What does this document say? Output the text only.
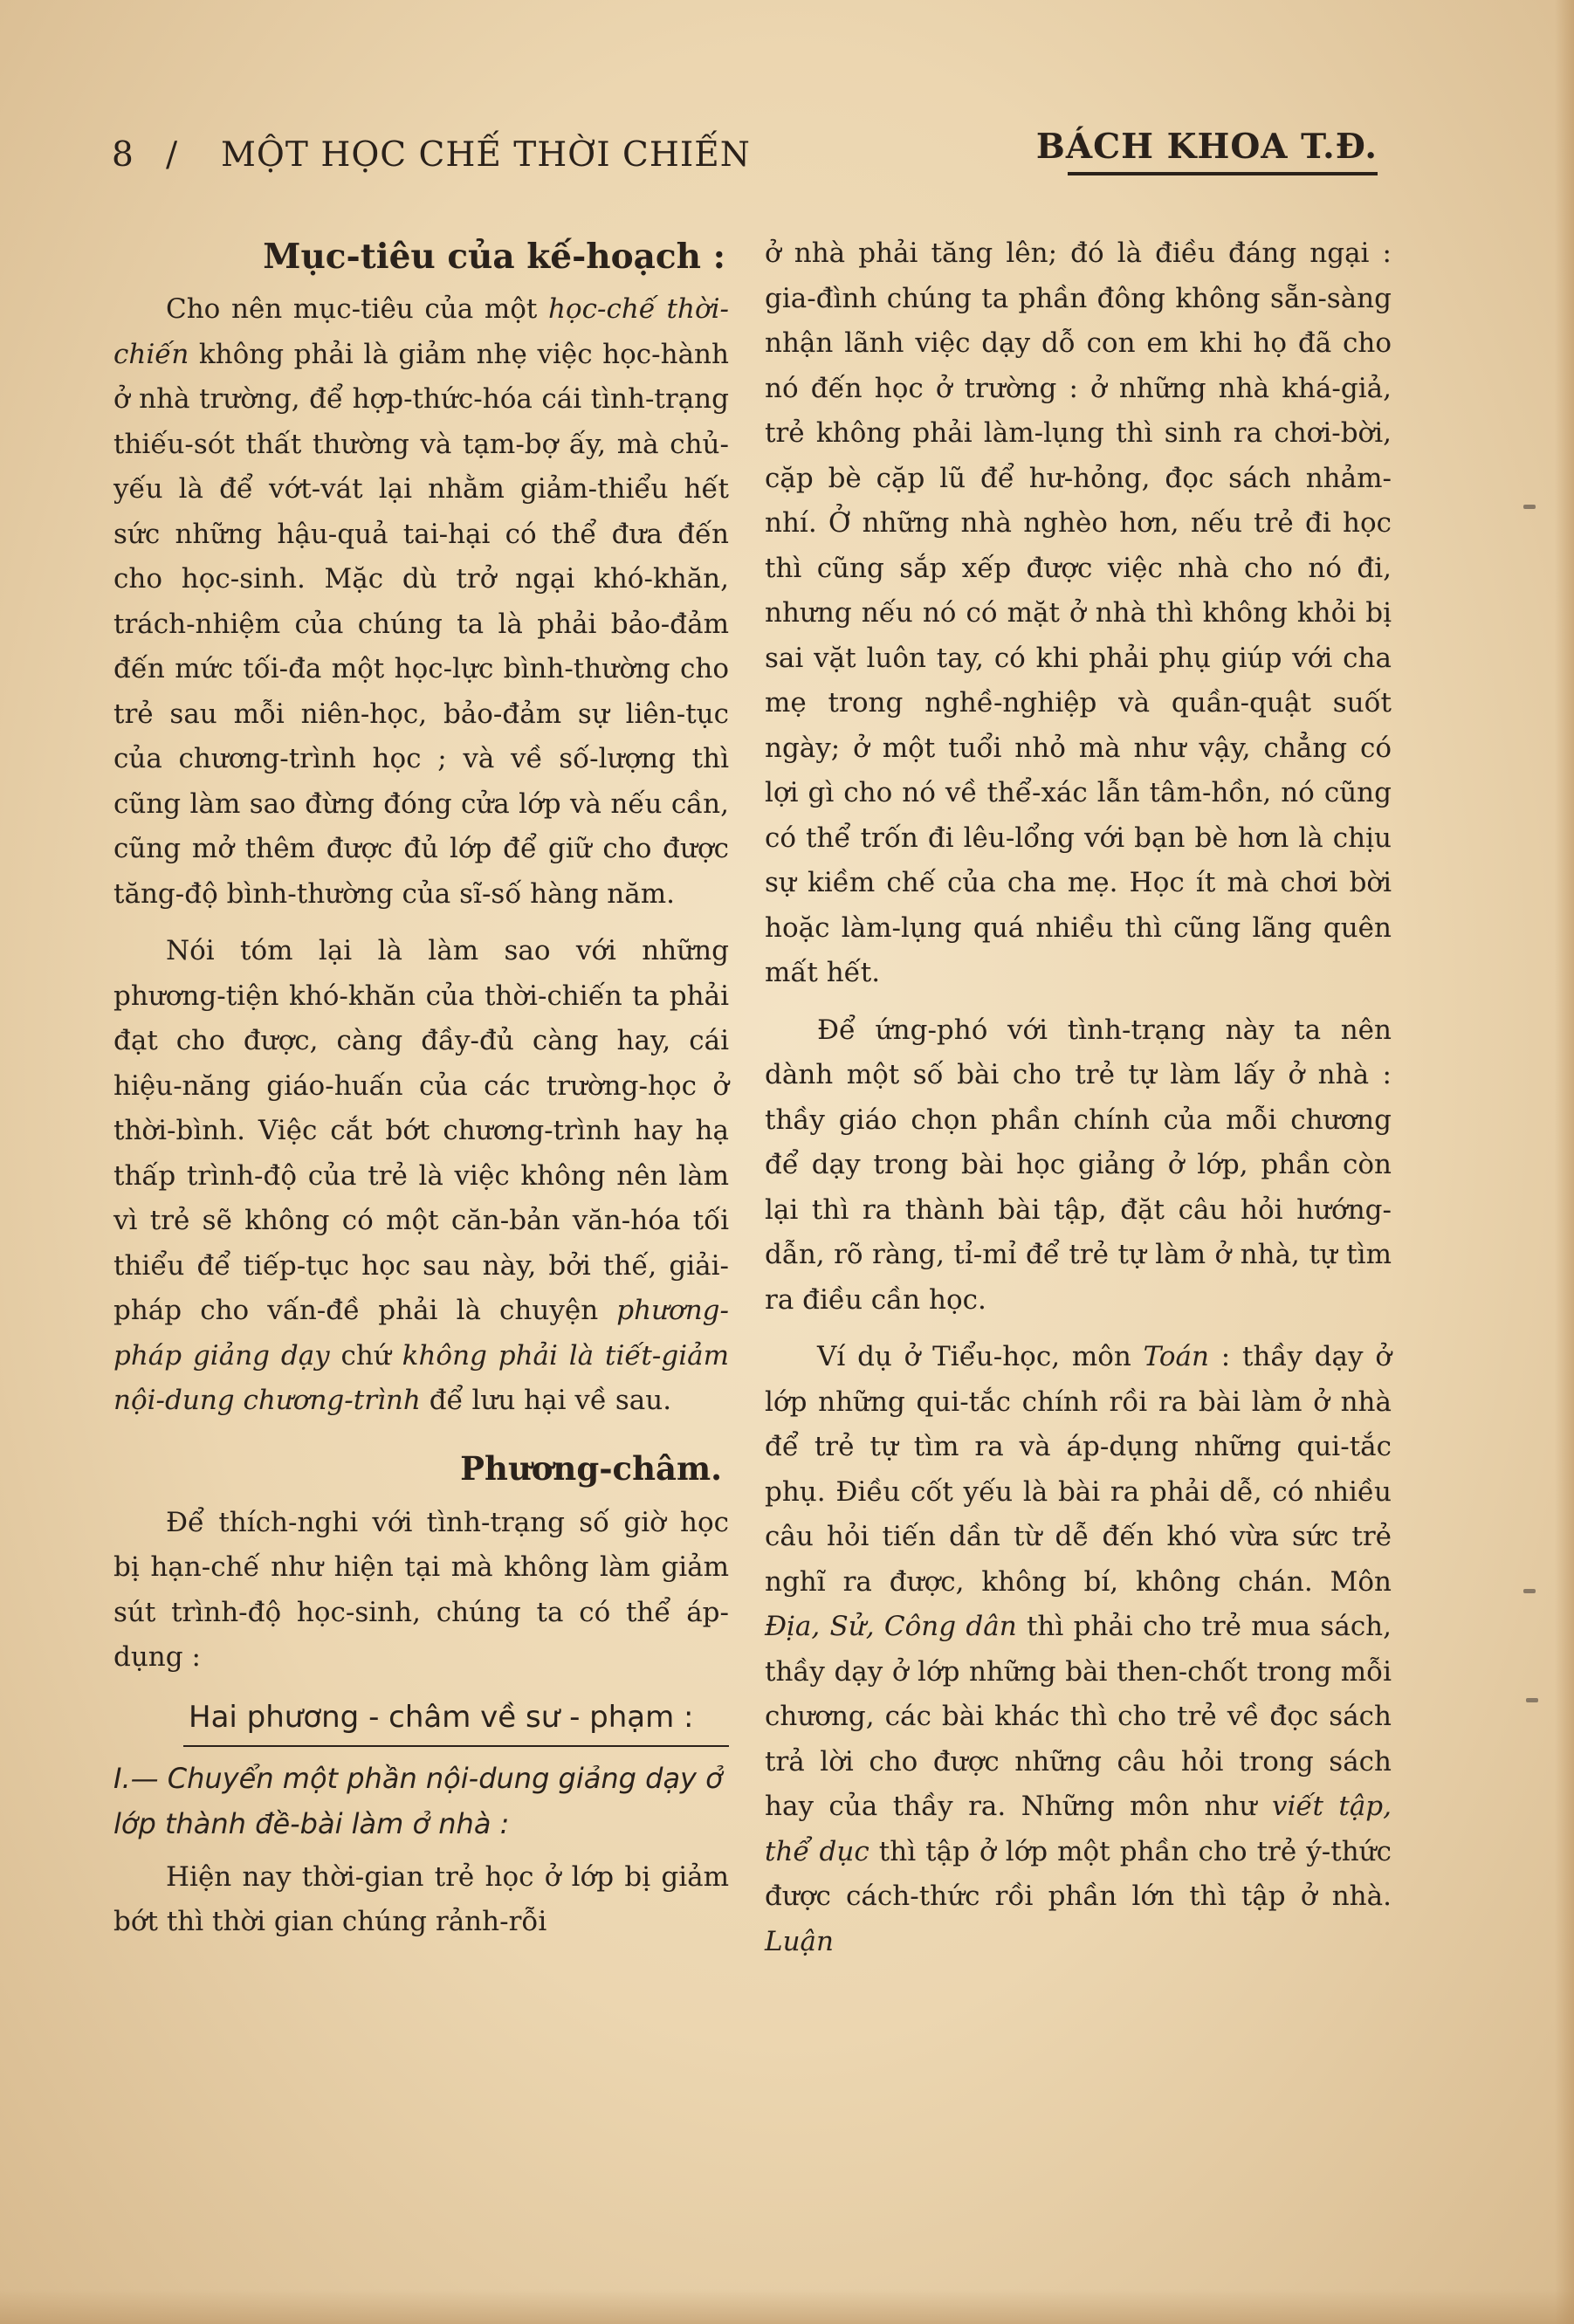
8 / MỘT HỌC CHẾ THỜI CHIẾN	BÁCH KHOA T.Đ.
Mục-tiêu của kế-hoạch :

Cho nên mục-tiêu của một học-chế thời-chiến không phải là giảm nhẹ việc học-hành ở nhà trường, để hợp-thức-hóa cái tình-trạng thiếu-sót thất thường và tạm-bợ ấy, mà chủ-yếu là để vớt-vát lại nhằm giảm-thiểu hết sức những hậu-quả tai-hại có thể đưa đến cho học-sinh. Mặc dù trở ngại khó-khăn, trách-nhiệm của chúng ta là phải bảo-đảm đến mức tối-đa một học-lực bình-thường cho trẻ sau mỗi niên-học, bảo-đảm sự liên-tục của chương-trình học ; và về số-lượng thì cũng làm sao đừng đóng cửa lớp và nếu cần, cũng mở thêm được đủ lớp để giữ cho được tăng-độ bình-thường của sĩ-số hàng năm.

Nói tóm lại là làm sao với những phương-tiện khó-khăn của thời-chiến ta phải đạt cho được, càng đầy-đủ càng hay, cái hiệu-năng giáo-huấn của các trường-học ở thời-bình. Việc cắt bớt chương-trình hay hạ thấp trình-độ của trẻ là việc không nên làm vì trẻ sẽ không có một căn-bản văn-hóa tối thiểu để tiếp-tục học sau này, bởi thế, giải-pháp cho vấn-đề phải là chuyện phương-pháp giảng dạy chứ không phải là tiết-giảm nội-dung chương-trình để lưu hại về sau.

Phương-châm.

Để thích-nghi với tình-trạng số giờ học bị hạn-chế như hiện tại mà không làm giảm sút trình-độ học-sinh, chúng ta có thể áp-dụng :

Hai phương - châm về sư - phạm :
I.— Chuyển một phần nội-dung giảng dạy ở lớp thành đề-bài làm ở nhà :

Hiện nay thời-gian trẻ học ở lớp bị giảm bớt thì thời gian chúng rảnh-rỗi

ở nhà phải tăng lên; đó là điều đáng ngại : gia-đình chúng ta phần đông không sẵn-sàng nhận lãnh việc dạy dỗ con em khi họ đã cho nó đến học ở trường : ở những nhà khá-giả, trẻ không phải làm-lụng thì sinh ra chơi-bời, cặp bè cặp lũ để hư-hỏng, đọc sách nhảm-nhí. Ở những nhà nghèo hơn, nếu trẻ đi học thì cũng sắp xếp được việc nhà cho nó đi, nhưng nếu nó có mặt ở nhà thì không khỏi bị sai vặt luôn tay, có khi phải phụ giúp với cha mẹ trong nghề-nghiệp và quần-quật suốt ngày; ở một tuổi nhỏ mà như vậy, chẳng có lợi gì cho nó về thể-xác lẫn tâm-hồn, nó cũng có thể trốn đi lêu-lổng với bạn bè hơn là chịu sự kiềm chế của cha mẹ. Học ít mà chơi bời hoặc làm-lụng quá nhiều thì cũng lãng quên mất hết.

Để ứng-phó với tình-trạng này ta nên dành một số bài cho trẻ tự làm lấy ở nhà : thầy giáo chọn phần chính của mỗi chương để dạy trong bài học giảng ở lớp, phần còn lại thì ra thành bài tập, đặt câu hỏi hướng-dẫn, rõ ràng, tỉ-mỉ để trẻ tự làm ở nhà, tự tìm ra điều cần học.

Ví dụ ở Tiểu-học, môn Toán : thầy dạy ở lớp những qui-tắc chính rồi ra bài làm ở nhà để trẻ tự tìm ra và áp-dụng những qui-tắc phụ. Điều cốt yếu là bài ra phải dễ, có nhiều câu hỏi tiến dần từ dễ đến khó vừa sức trẻ nghĩ ra được, không bí, không chán. Môn Địa, Sử, Công dân thì phải cho trẻ mua sách, thầy dạy ở lớp những bài then-chốt trong mỗi chương, các bài khác thì cho trẻ về đọc sách trả lời cho được những câu hỏi trong sách hay của thầy ra. Những môn như viết tập, thể dục thì tập ở lớp một phần cho trẻ ý-thức được cách-thức rồi phần lớn thì tập ở nhà. Luận
